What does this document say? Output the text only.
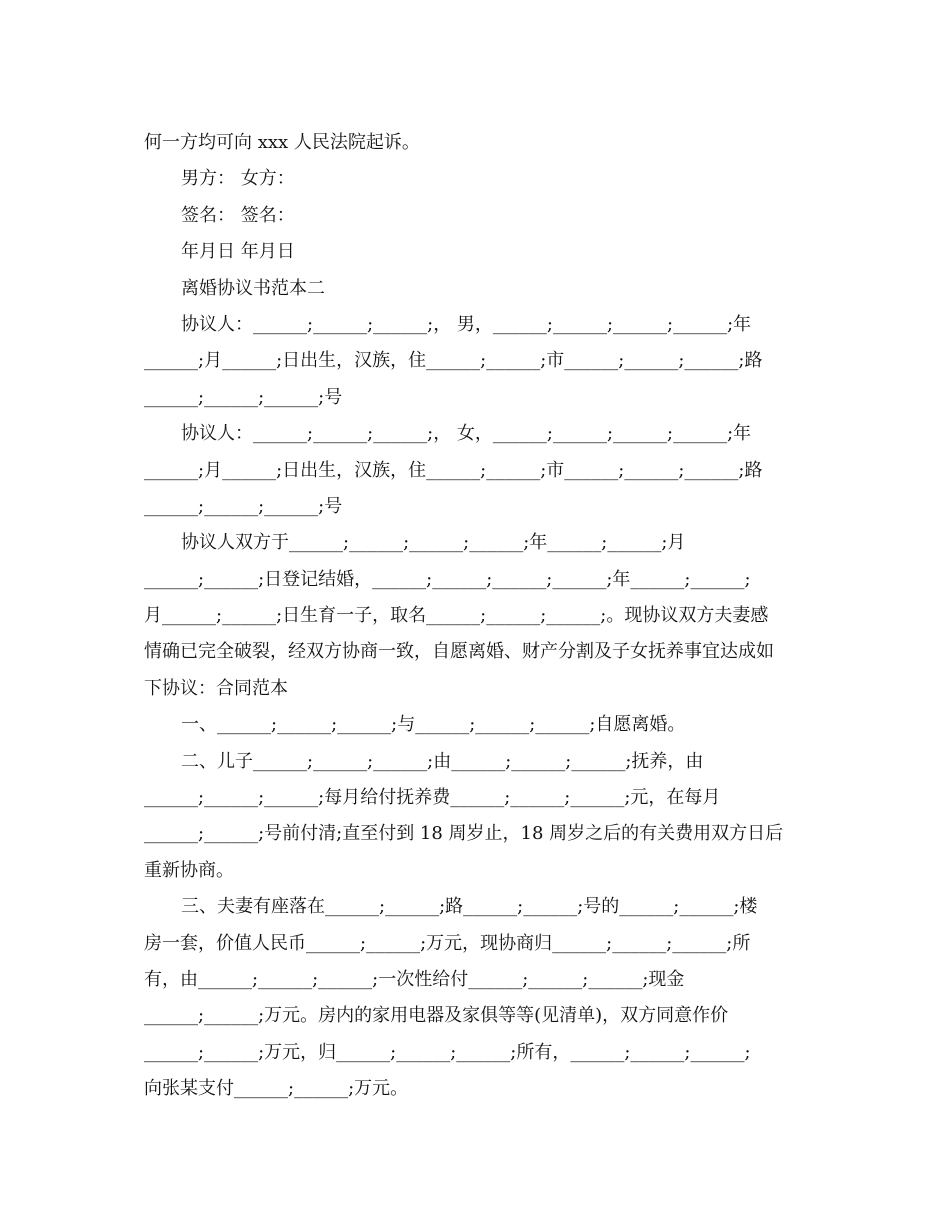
何一方均可向 xxx 人民法院起诉。
男方： 女方：
签名： 签名：
年月日 年月日
离婚协议书范本二
协议人：______;______;______;， 男，______;______;______;______;年
______;月______;日出生，汉族，住______;______;市______;______;______;路
______;______;______;号
协议人：______;______;______;， 女，______;______;______;______;年
______;月______;日出生，汉族，住______;______;市______;______;______;路
______;______;______;号
协议人双方于______;______;______;______;年______;______;月
______;______;日登记结婚，______;______;______;______;年______;______;
月______;______;日生育一子，取名______;______;______;。现协议双方夫妻感
情确已完全破裂，经双方协商一致，自愿离婚、财产分割及子女抚养事宜达成如
下协议：合同范本
一、______;______;______;与______;______;______;自愿离婚。
二、儿子______;______;______;由______;______;______;抚养，由
______;______;______;每月给付抚养费______;______;______;元，在每月
______;______;号前付清;直至付到 18 周岁止，18 周岁之后的有关费用双方日后
重新协商。
三、夫妻有座落在______;______;路______;______;号的______;______;楼
房一套，价值人民币______;______;万元，现协商归______;______;______;所
有，由______;______;______;一次性给付______;______;______;现金
______;______;万元。房内的家用电器及家俱等等(见清单)，双方同意作价
______;______;万元，归______;______;______;所有，______;______;______;
向张某支付______;______;万元。
